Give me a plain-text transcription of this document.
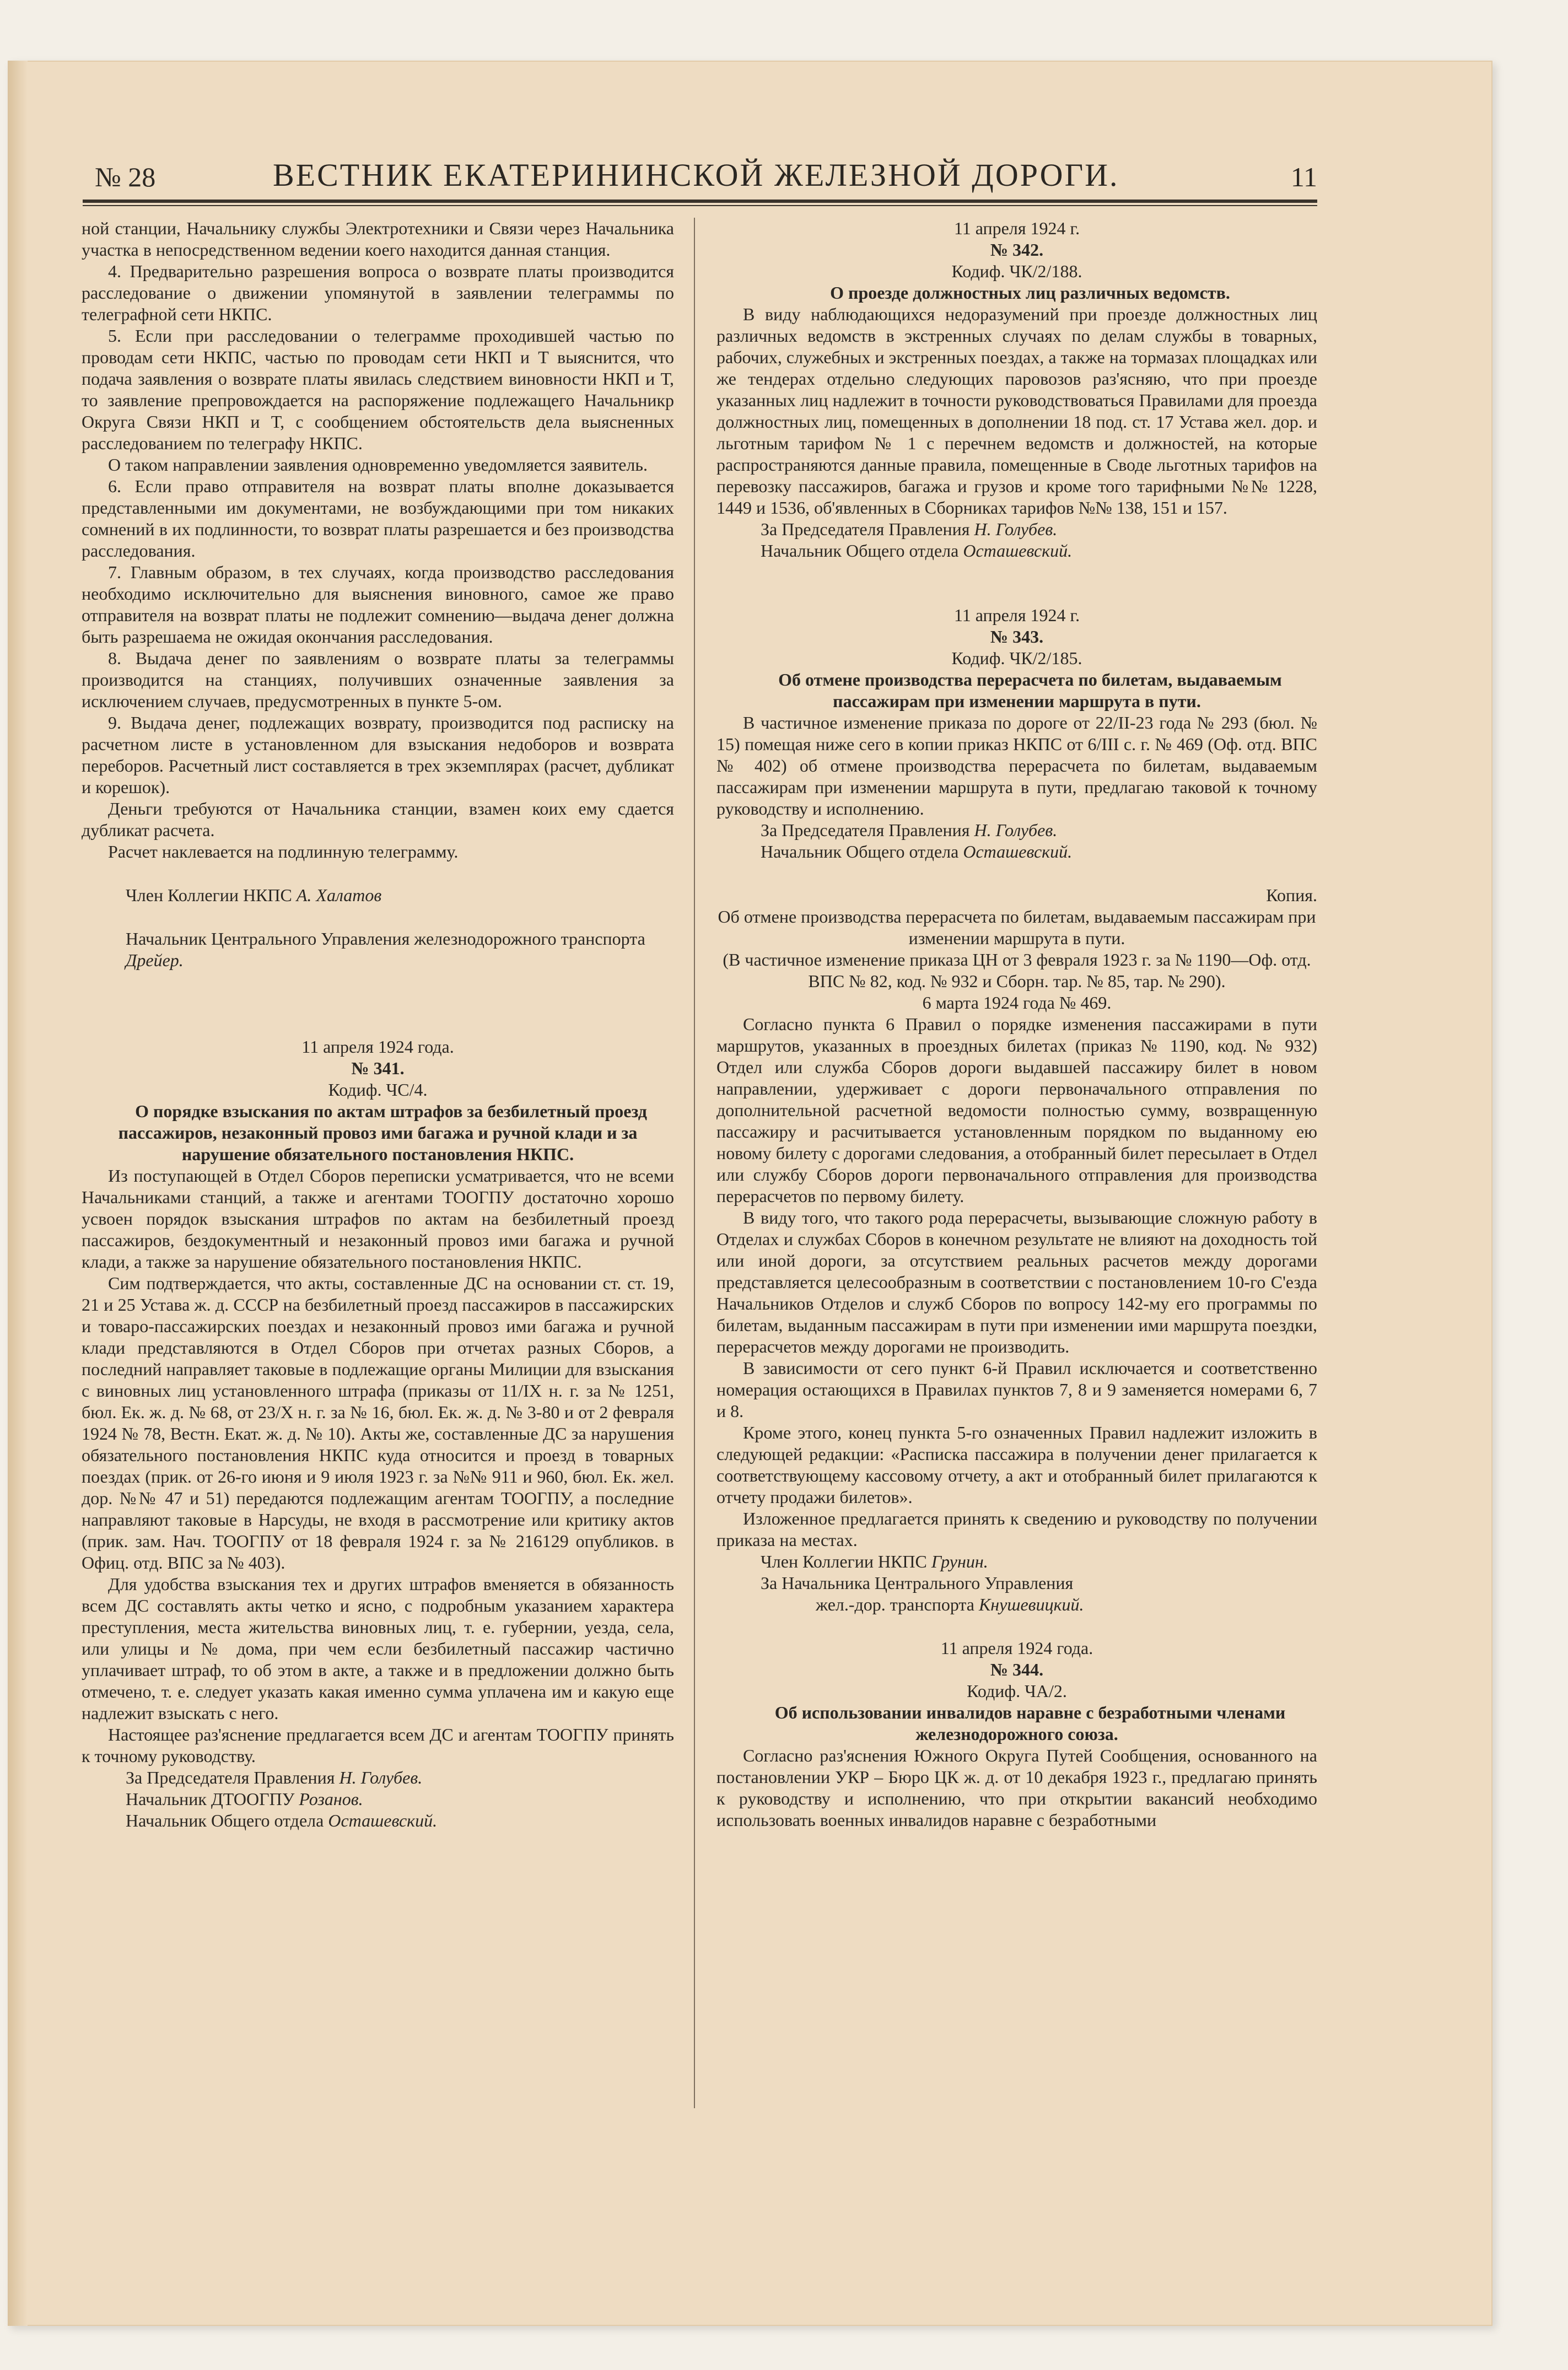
№ 28	ВЕСТНИК ЕКАТЕРИНИНСКОЙ ЖЕЛЕЗНОЙ ДОРОГИ.	11

ной станции, Начальнику службы Электротехники и Связи через Начальника участка в непосредственном ведении коего находится данная станция.

4. Предварительно разрешения вопроса о возврате платы производится расследование о движении упомянутой в заявлении телеграммы по телеграфной сети НКПС.

5. Если при расследовании о телеграмме проходившей частью по проводам сети НКПС, частью по проводам сети НКП и Т выяснится, что подача заявления о возврате платы явилась следствием виновности НКП и Т, то заявление препровождается на распоряжение подлежащего Начальникр Округа Связи НКП и Т, с сообщением обстоятельств дела выясненных расследованием по телеграфу НКПС.

О таком направлении заявления одновременно уведомляется заявитель.

6. Если право отправителя на возврат платы вполне доказывается представленными им документами, не возбуждающими при том никаких сомнений в их подлинности, то возврат платы разрешается и без производства расследования.

7. Главным образом, в тех случаях, когда производство расследования необходимо исключительно для выяснения виновного, самое же право отправителя на возврат платы не подлежит сомнению—выдача денег должна быть разрешаема не ожидая окончания расследования.

8. Выдача денег по заявлениям о возврате платы за телеграммы производится на станциях, получивших означенные заявления за исключением случаев, предусмотренных в пункте 5-ом.

9. Выдача денег, подлежащих возврату, производится под расписку на расчетном листе в установленном для взыскания недоборов и возврата переборов. Расчетный лист составляется в трех экземплярах (расчет, дубликат и корешок).

Деньги требуются от Начальника станции, взамен коих ему сдается дубликат расчета.

Расчет наклевается на подлинную телеграмму.

Член Коллегии НКПС А. Халатов

Начальник Центрального Управления железнодорожного транспорта Дрейер.

11 апреля 1924 года.

№ 341.

Кодиф. ЧС/4.

О порядке взыскания по актам штрафов за безбилетный проезд пассажиров, незаконный провоз ими багажа и ручной клади и за нарушение обязательного постановления НКПС.

Из поступающей в Отдел Сборов переписки усматривается, что не всеми Начальниками станций, а также и агентами ТООГПУ достаточно хорошо усвоен порядок взыскания штрафов по актам на безбилетный проезд пассажиров, бездокументный и незаконный провоз ими багажа и ручной клади, а также за нарушение обязательного постановления НКПС.

Сим подтверждается, что акты, составленные ДС на основании ст. ст. 19, 21 и 25 Устава ж. д. СССР на безбилетный проезд пассажиров в пассажирских и товаро-пассажирских поездах и незаконный провоз ими багажа и ручной клади представляются в Отдел Сборов при отчетах разных Сборов, а последний направляет таковые в подлежащие органы Милиции для взыскания с виновных лиц установленного штрафа (приказы от 11/IX н. г. за № 1251, бюл. Ек. ж. д. № 68, от 23/X н. г. за № 16, бюл. Ек. ж. д. № 3-80 и от 2 февраля 1924 № 78, Вестн. Екат. ж. д. № 10). Акты же, составленные ДС за нарушения обязательного постановления НКПС куда относится и проезд в товарных поездах (прик. от 26-го июня и 9 июля 1923 г. за №№ 911 и 960, бюл. Ек. жел. дор. №№ 47 и 51) передаются подлежащим агентам ТООГПУ, а последние направляют таковые в Нарсуды, не входя в рассмотрение или критику актов (прик. зам. Нач. ТООГПУ от 18 февраля 1924 г. за № 216129 опубликов. в Офиц. отд. ВПС за № 403).

Для удобства взыскания тех и других штрафов вменяется в обязанность всем ДС составлять акты четко и ясно, с подробным указанием характера преступления, места жительства виновных лиц, т. е. губернии, уезда, села, или улицы и № дома, при чем если безбилетный пассажир частично уплачивает штраф, то об этом в акте, а также и в предложении должно быть отмечено, т. е. следует указать какая именно сумма уплачена им и какую еще надлежит взыскать с него.

Настоящее раз'яснение предлагается всем ДС и агентам ТООГПУ принять к точному руководству.

За Председателя Правления Н. Голубев.

Начальник ДТООГПУ Розанов.

Начальник Общего отдела Осташевский.

11 апреля 1924 г.

№ 342.

Кодиф. ЧК/2/188.

О проезде должностных лиц различных ведомств.

В виду наблюдающихся недоразумений при проезде должностных лиц различных ведомств в экстренных случаях по делам службы в товарных, рабочих, служебных и экстренных поездах, а также на тормазах площадках или же тендерах отдельно следующих паровозов раз'ясняю, что при проезде указанных лиц надлежит в точности руководствоваться Правилами для проезда должностных лиц, помещенных в дополнении 18 под. ст. 17 Устава жел. дор. и льготным тарифом № 1 с перечнем ведомств и должностей, на которые распространяются данные правила, помещенные в Своде льготных тарифов на перевозку пассажиров, багажа и грузов и кроме того тарифными №№ 1228, 1449 и 1536, об'явленных в Сборниках тарифов №№ 138, 151 и 157.

За Председателя Правления Н. Голубев.

Начальник Общего отдела Осташевский.

11 апреля 1924 г.

№ 343.

Кодиф. ЧК/2/185.

Об отмене производства перерасчета по билетам, выдаваемым пассажирам при изменении маршрута в пути.

В частичное изменение приказа по дороге от 22/II-23 года № 293 (бюл. № 15) помещая ниже сего в копии приказ НКПС от 6/III с. г. № 469 (Оф. отд. ВПС № 402) об отмене производства перерасчета по билетам, выдаваемым пассажирам при изменении маршрута в пути, предлагаю таковой к точному руководству и исполнению.

За Председателя Правления Н. Голубев.

Начальник Общего отдела Осташевский.

Копия.

Об отмене производства перерасчета по билетам, выдаваемым пассажирам при изменении маршрута в пути.

(В частичное изменение приказа ЦН от 3 февраля 1923 г. за № 1190—Оф. отд. ВПС № 82, код. № 932 и Сборн. тар. № 85, тар. № 290).

6 марта 1924 года № 469.

Согласно пункта 6 Правил о порядке изменения пассажирами в пути маршрутов, указанных в проездных билетах (приказ № 1190, код. № 932) Отдел или служба Сборов дороги выдавшей пассажиру билет в новом направлении, удерживает с дороги первоначального отправления по дополнительной расчетной ведомости полностью сумму, возвращенную пассажиру и расчитывается установленным порядком по выданному ею новому билету с дорогами следования, а отобранный билет пересылает в Отдел или службу Сборов дороги первоначального отправления для производства перерасчетов по первому билету.

В виду того, что такого рода перерасчеты, вызывающие сложную работу в Отделах и службах Сборов в конечном результате не влияют на доходность той или иной дороги, за отсутствием реальных расчетов между дорогами представляется целесообразным в соответствии с постановлением 10-го С'езда Начальников Отделов и служб Сборов по вопросу 142-му его программы по билетам, выданным пассажирам в пути при изменении ими маршрута поездки, перерасчетов между дорогами не производить.

В зависимости от сего пункт 6-й Правил исключается и соответственно номерация остающихся в Правилах пунктов 7, 8 и 9 заменяется номерами 6, 7 и 8.

Кроме этого, конец пункта 5-го означенных Правил надлежит изложить в следующей редакции: «Расписка пассажира в получении денег прилагается к соответствующему кассовому отчету, а акт и отобранный билет прилагаются к отчету продажи билетов».

Изложенное предлагается принять к сведению и руководству по получении приказа на местах.

Член Коллегии НКПС Грунин.

За Начальника Центрального Управления

жел.-дор. транспорта Кнушевицкий.

11 апреля 1924 года.

№ 344.

Кодиф. ЧА/2.

Об использовании инвалидов наравне с безработными членами железнодорожного союза.

Согласно раз'яснения Южного Округа Путей Сообщения, основанного на постановлении УКР – Бюро ЦК ж. д. от 10 декабря 1923 г., предлагаю принять к руководству и исполнению, что при открытии вакансий необходимо использовать военных инвалидов наравне с безработными
